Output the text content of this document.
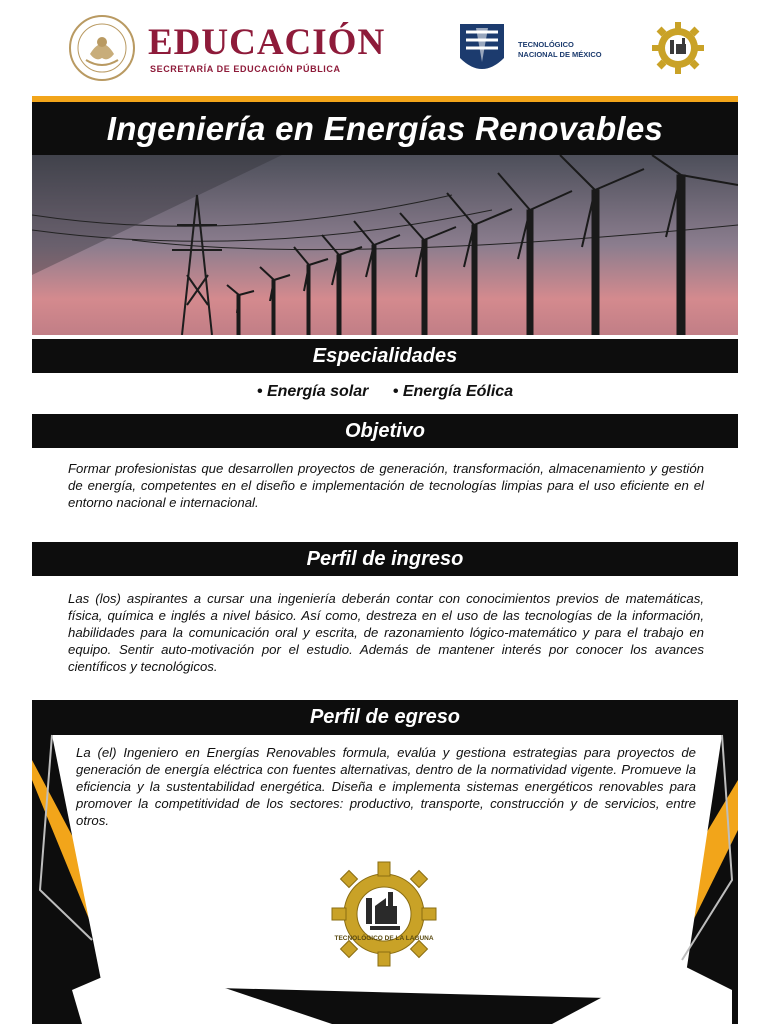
EDUCACIÓN
SECRETARÍA DE EDUCACIÓN PÚBLICA
TECNOLÓGICO
NACIONAL DE MÉXICO
Ingeniería en Energías Renovables
Especialidades
• Energía solar • Energía Eólica
Objetivo
Formar profesionistas que desarrollen proyectos de generación, transformación, almacenamiento y gestión de energía, competentes en el diseño e implementación de tecnologías limpias para el uso eficiente en el entorno nacional e internacional.
Perfil de ingreso
Las (los) aspirantes a cursar una ingeniería deberán contar con conocimientos previos de matemáticas, física, química e inglés a nivel básico. Así como, destreza en el uso de las tecnologías de la información, habilidades para la comunicación oral y escrita, de razonamiento lógico-matemático y para el trabajo en equipo. Sentir auto-motivación por el estudio. Además de mantener interés por conocer los avances científicos y tecnológicos.
Perfil de egreso
La (el) Ingeniero en Energías Renovables formula, evalúa y gestiona estrategias para proyectos de generación de energía eléctrica con fuentes alternativas, dentro de la normatividad vigente. Promueve la eficiencia y la sustentabilidad energética. Diseña e implementa sistemas energéticos renovables para promover la competitividad de los sectores: productivo, transporte, construcción y de servicios, entre otros.
TECNOLÓGICO DE LA LAGUNA
